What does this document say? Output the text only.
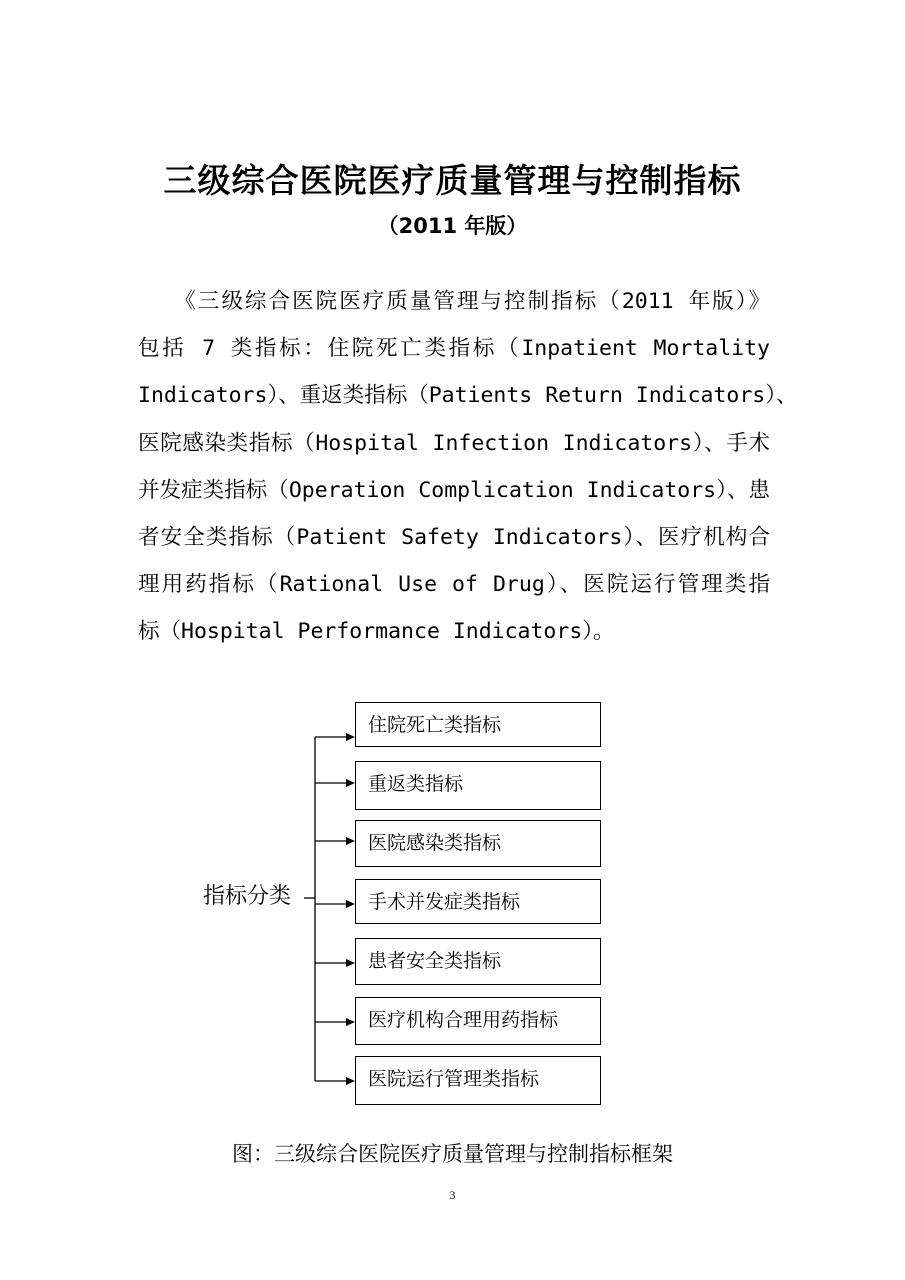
三级综合医院医疗质量管理与控制指标
（2011 年版）
　　《三级综合医院医疗质量管理与控制指标（2011 年版）》
包括 7 类指标：住院死亡类指标（Inpatient Mortality
Indicators）、重返类指标（Patients Return Indicators）、
医院感染类指标（Hospital Infection Indicators）、手术
并发症类指标（Operation Complication Indicators）、患
者安全类指标（Patient Safety Indicators）、医疗机构合
理用药指标（Rational Use of Drug）、医院运行管理类指
标（Hospital Performance Indicators）。
指标分类
住院死亡类指标
重返类指标
医院感染类指标
手术并发症类指标
患者安全类指标
医疗机构合理用药指标
医院运行管理类指标
图：三级综合医院医疗质量管理与控制指标框架
3
